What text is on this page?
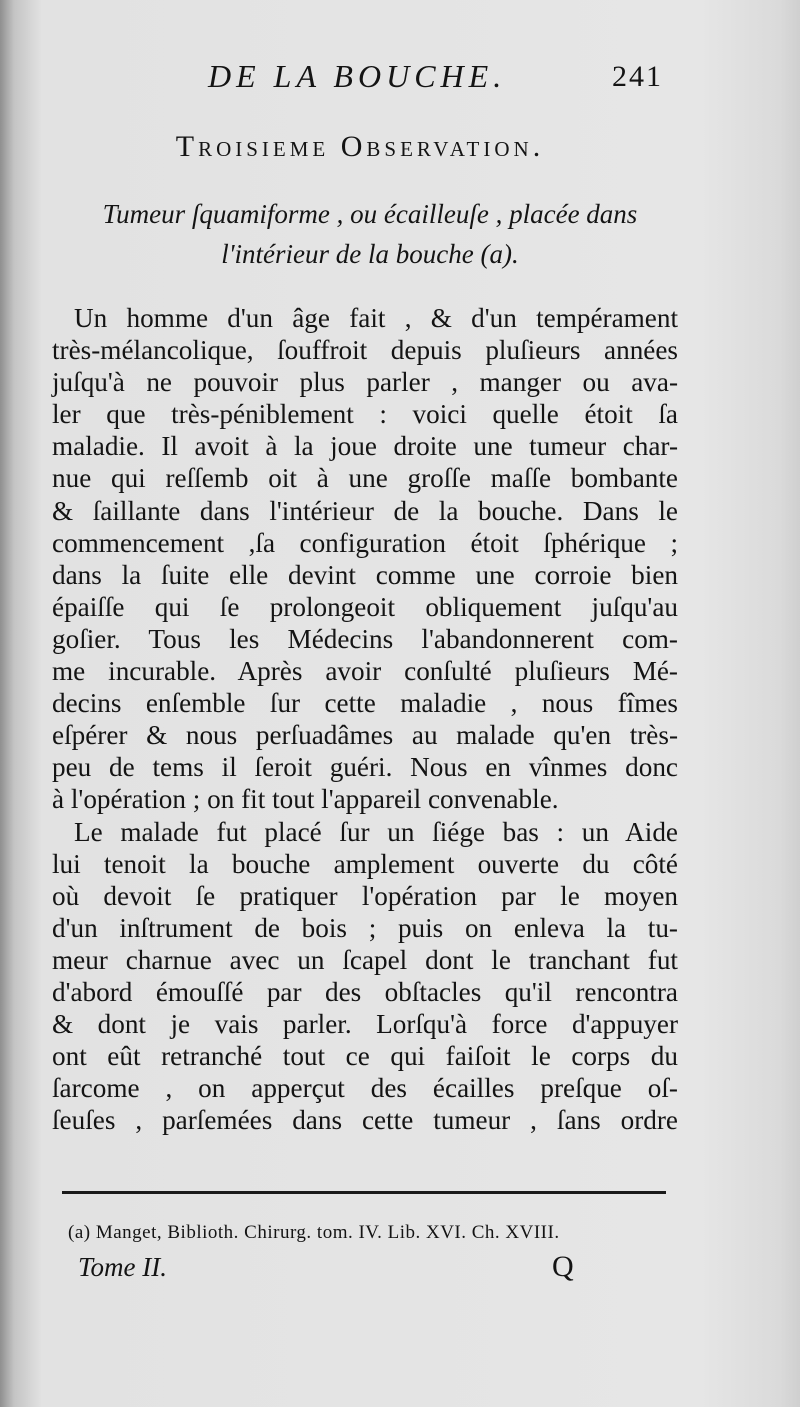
DE LA BOUCHE.	241
Troisieme Observation.
Tumeur ſquamiforme , ou écailleuſe , placée dans
l'intérieur de la bouche (a).
Un homme d'un âge fait , & d'un tempérament
très-mélancolique, ſouffroit depuis pluſieurs années
juſqu'à ne pouvoir plus parler , manger ou ava-
ler que très-péniblement : voici quelle étoit ſa
maladie. Il avoit à la joue droite une tumeur char-
nue qui reſſemb oit à une groſſe maſſe bombante
& ſaillante dans l'intérieur de la bouche. Dans le
commencement ,ſa configuration étoit ſphérique ;
dans la ſuite elle devint comme une corroie bien
épaiſſe qui ſe prolongeoit obliquement juſqu'au
goſier. Tous les Médecins l'abandonnerent com-
me incurable. Après avoir conſulté pluſieurs Mé-
decins enſemble ſur cette maladie , nous fîmes
eſpérer & nous perſuadâmes au malade qu'en très-
peu de tems il ſeroit guéri. Nous en vînmes donc
à l'opération ; on fit tout l'appareil convenable.
Le malade fut placé ſur un ſiége bas : un Aide
lui tenoit la bouche amplement ouverte du côté
où devoit ſe pratiquer l'opération par le moyen
d'un inſtrument de bois ; puis on enleva la tu-
meur charnue avec un ſcapel dont le tranchant fut
d'abord émouſſé par des obſtacles qu'il rencontra
& dont je vais parler. Lorſqu'à force d'appuyer
ont eût retranché tout ce qui faiſoit le corps du
ſarcome , on apperçut des écailles preſque oſ-
ſeuſes , parſemées dans cette tumeur , ſans ordre
(a) Manget, Biblioth. Chirurg. tom. IV. Lib. XVI. Ch. XVIII.
Tome II.	Q
